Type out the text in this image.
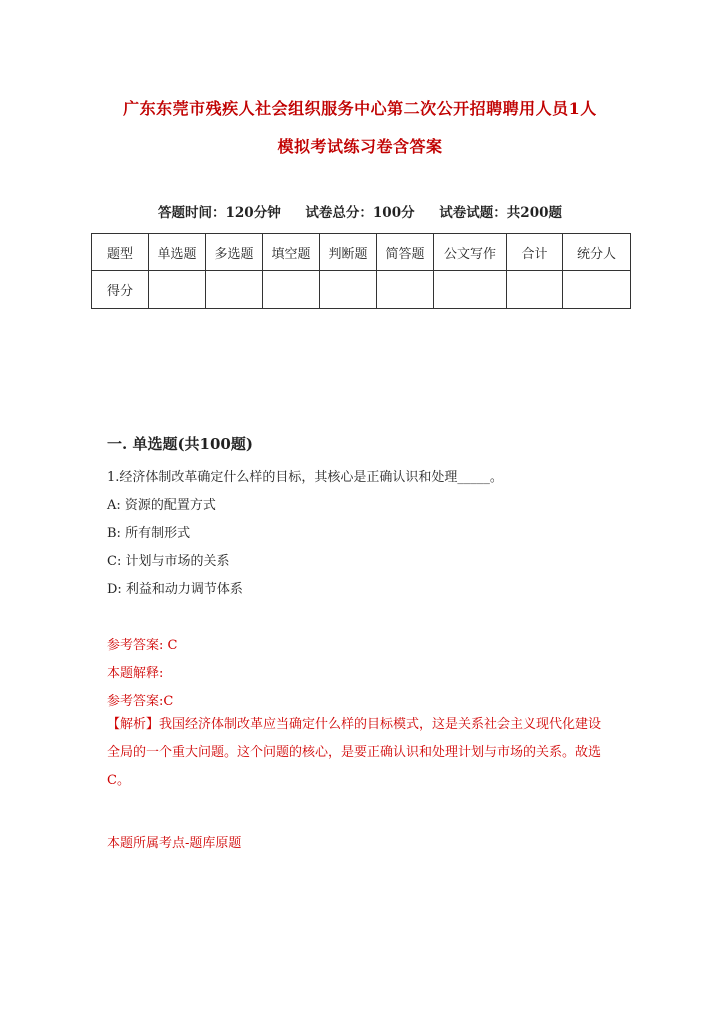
广东东莞市残疾人社会组织服务中心第二次公开招聘聘用人员1人
模拟考试练习卷含答案
答题时间：120分钟 试卷总分：100分 试卷试题：共200题
题型	单选题	多选题	填空题	判断题	简答题	公文写作	合计	统分人
得分								
一. 单选题(共100题)
1.经济体制改革确定什么样的目标，其核心是正确认识和处理_____。
A: 资源的配置方式
B: 所有制形式
C: 计划与市场的关系
D: 利益和动力调节体系
参考答案: C
本题解释:
参考答案:C
【解析】我国经济体制改革应当确定什么样的目标模式，这是关系社会主义现代化建设全局的一个重大问题。这个问题的核心，是要正确认识和处理计划与市场的关系。故选C。
本题所属考点-题库原题
